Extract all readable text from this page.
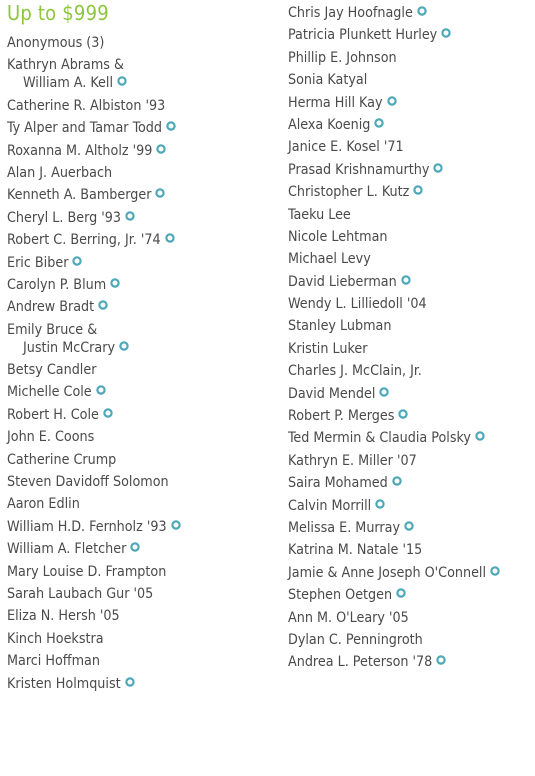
Up to $999
Anonymous (3)
Kathryn Abrams &
William A. Kell
Catherine R. Albiston '93
Ty Alper and Tamar Todd
Roxanna M. Altholz '99
Alan J. Auerbach
Kenneth A. Bamberger
Cheryl L. Berg '93
Robert C. Berring, Jr. '74
Eric Biber
Carolyn P. Blum
Andrew Bradt
Emily Bruce &
Justin McCrary
Betsy Candler
Michelle Cole
Robert H. Cole
John E. Coons
Catherine Crump
Steven Davidoff Solomon
Aaron Edlin
William H.D. Fernholz '93
William A. Fletcher
Mary Louise D. Frampton
Sarah Laubach Gur '05
Eliza N. Hersh '05
Kinch Hoekstra
Marci Hoffman
Kristen Holmquist
Chris Jay Hoofnagle
Patricia Plunkett Hurley
Phillip E. Johnson
Sonia Katyal
Herma Hill Kay
Alexa Koenig
Janice E. Kosel '71
Prasad Krishnamurthy
Christopher L. Kutz
Taeku Lee
Nicole Lehtman
Michael Levy
David Lieberman
Wendy L. Lilliedoll '04
Stanley Lubman
Kristin Luker
Charles J. McClain, Jr.
David Mendel
Robert P. Merges
Ted Mermin & Claudia Polsky
Kathryn E. Miller '07
Saira Mohamed
Calvin Morrill
Melissa E. Murray
Katrina M. Natale '15
Jamie & Anne Joseph O'Connell
Stephen Oetgen
Ann M. O'Leary '05
Dylan C. Penningroth
Andrea L. Peterson '78
